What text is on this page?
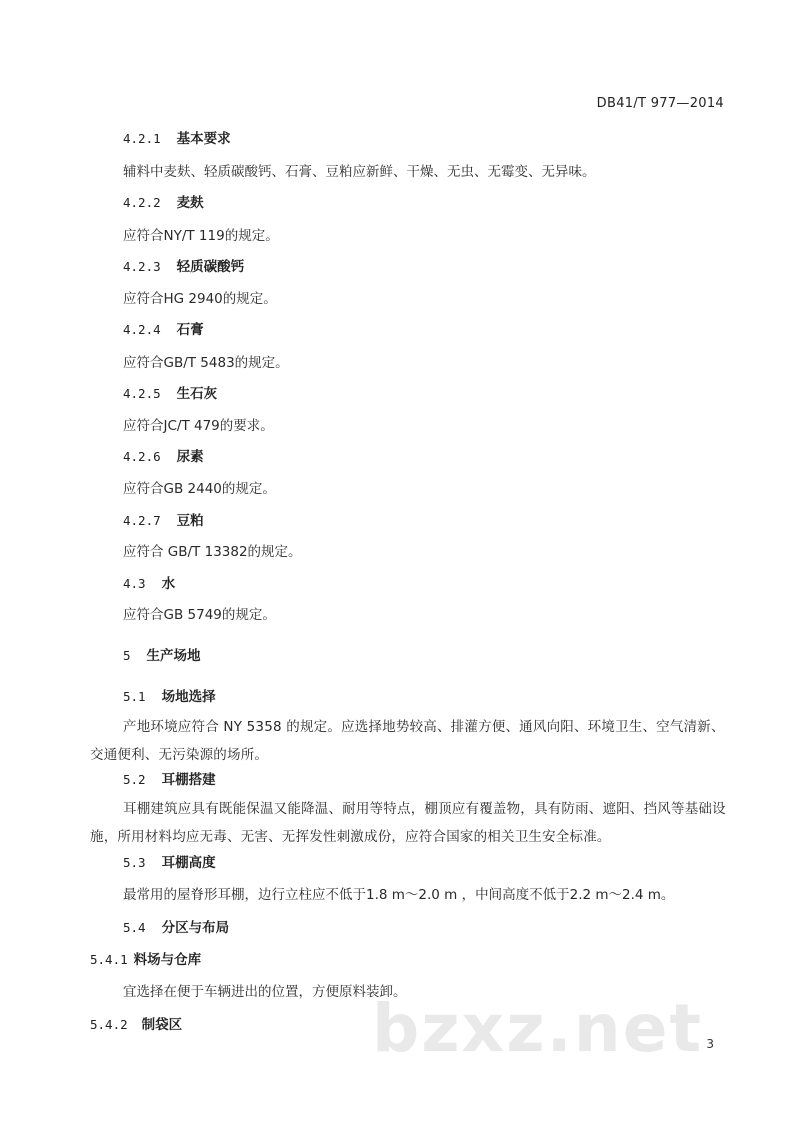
DB41/T 977—2014
4.2.1 基本要求
辅料中麦麸、轻质碳酸钙、石膏、豆粕应新鲜、干燥、无虫、无霉变、无异味。
4.2.2 麦麸
应符合NY/T 119的规定。
4.2.3 轻质碳酸钙
应符合HG 2940的规定。
4.2.4 石膏
应符合GB/T 5483的规定。
4.2.5 生石灰
应符合JC/T 479的要求。
4.2.6 尿素
应符合GB 2440的规定。
4.2.7 豆粕
应符合 GB/T 13382的规定。
4.3 水
应符合GB 5749的规定。
5 生产场地
5.1 场地选择
产地环境应符合 NY 5358 的规定。应选择地势较高、排灌方便、通风向阳、环境卫生、空气清新、交通便利、无污染源的场所。
5.2 耳棚搭建
耳棚建筑应具有既能保温又能降温、耐用等特点，棚顶应有覆盖物，具有防雨、遮阳、挡风等基础设施，所用材料均应无毒、无害、无挥发性刺激成份，应符合国家的相关卫生安全标准。
5.3 耳棚高度
最常用的屋脊形耳棚，边行立柱应不低于1.8 m～2.0 m ，中间高度不低于2.2 m～2.4 m。
5.4 分区与布局
5.4.1 料场与仓库
宜选择在便于车辆进出的位置，方便原料装卸。
5.4.2 制袋区	bzxz.net 3
